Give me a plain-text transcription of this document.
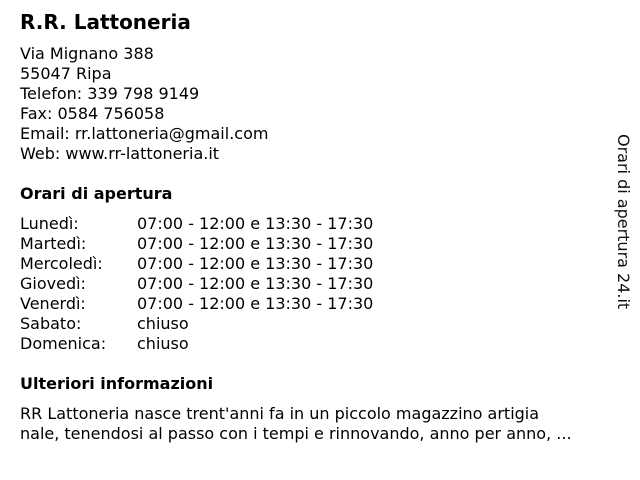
R.R. Lattoneria
Via Mignano 388
55047 Ripa
Telefon: 339 798 9149
Fax: 0584 756058
Email: rr.lattoneria@gmail.com
Web: www.rr-lattoneria.it
Orari di apertura
Lunedì:	07:00 - 12:00 e 13:30 - 17:30
Martedì:	07:00 - 12:00 e 13:30 - 17:30
Mercoledì: 07:00 - 12:00 e 13:30 - 17:30
Giovedì:	07:00 - 12:00 e 13:30 - 17:30
Venerdì:	07:00 - 12:00 e 13:30 - 17:30
Sabato:	chiuso
Domenica: chiuso
Ulteriori informazioni
RR Lattoneria nasce trent'anni fa in un piccolo magazzino artigia
nale, tenendosi al passo con i tempi e rinnovando, anno per anno, ...
Orari di apertura 24.it
